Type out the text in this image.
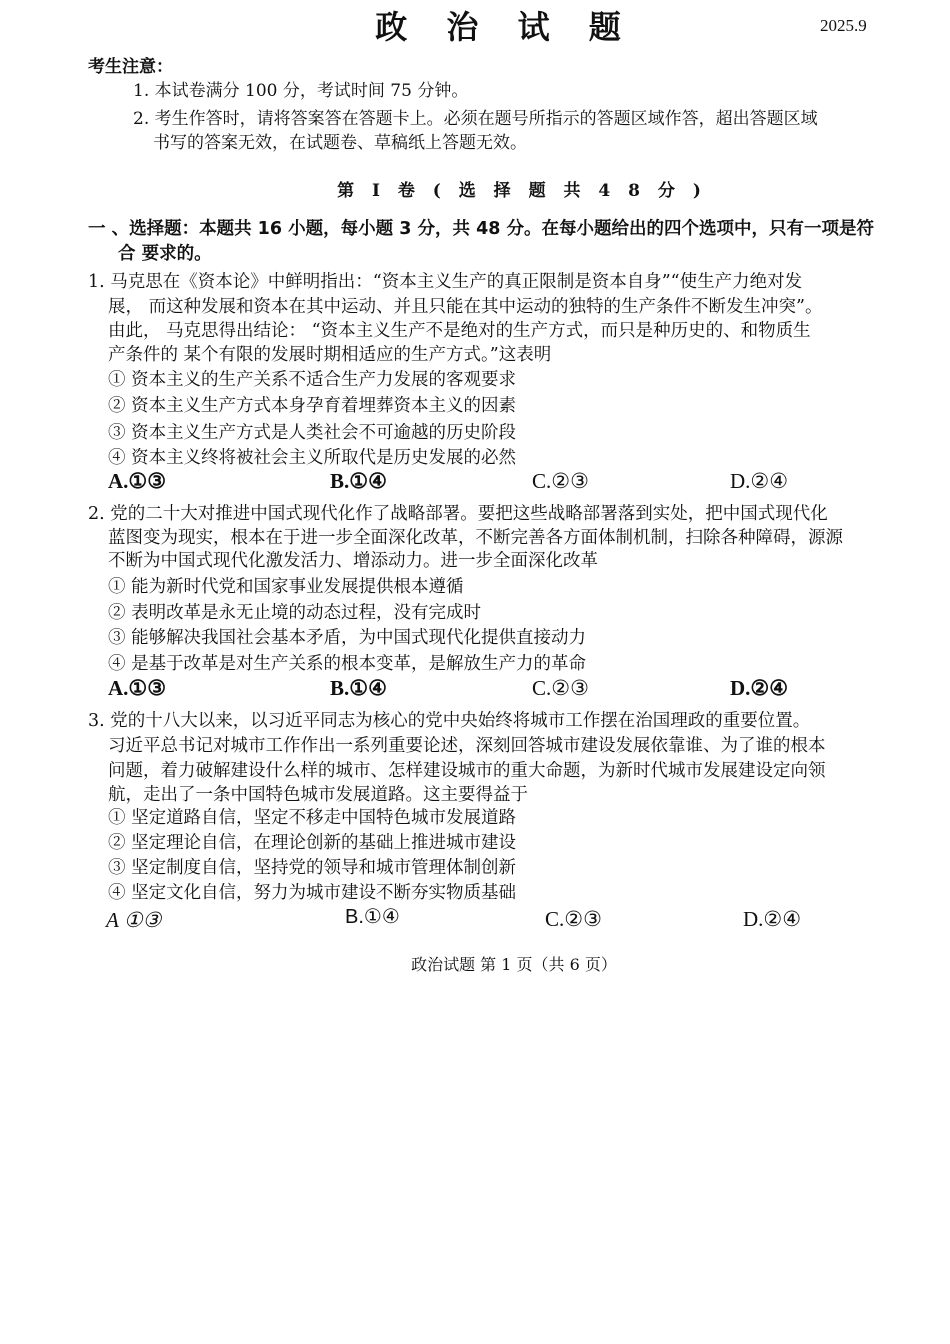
政 治 试 题	2025.9
考生注意：
1. 本试卷满分 100 分，考试时间 75 分钟。
2. 考生作答时，请将答案答在答题卡上。必须在题号所指示的答题区域作答，超出答题区域
书写的答案无效，在试题卷、草稿纸上答题无效。
第 I 卷 ( 选 择 题 共 4 8 分 )
一 、选择题：本题共 16 小题，每小题 3 分，共 48 分。在每小题给出的四个选项中，只有一项是符
合 要求的。
1. 马克思在《资本论》中鲜明指出：“资本主义生产的真正限制是资本自身”“使生产力绝对发
展， 而这种发展和资本在其中运动、并且只能在其中运动的独特的生产条件不断发生冲突”。
由此， 马克思得出结论： “资本主义生产不是绝对的生产方式，而只是种历史的、和物质生
产条件的 某个有限的发展时期相适应的生产方式。”这表明
① 资本主义的生产关系不适合生产力发展的客观要求
② 资本主义生产方式本身孕育着埋葬资本主义的因素
③ 资本主义生产方式是人类社会不可逾越的历史阶段
④ 资本主义终将被社会主义所取代是历史发展的必然
A.①③	B.①④	C.②③	D.②④
2. 党的二十大对推进中国式现代化作了战略部署。要把这些战略部署落到实处，把中国式现代化
蓝图变为现实，根本在于进一步全面深化改革，不断完善各方面体制机制，扫除各种障碍，源源
不断为中国式现代化激发活力、增添动力。进一步全面深化改革
① 能为新时代党和国家事业发展提供根本遵循
② 表明改革是永无止境的动态过程，没有完成时
③ 能够解决我国社会基本矛盾，为中国式现代化提供直接动力
④ 是基于改革是对生产关系的根本变革，是解放生产力的革命
A.①③	B.①④	C.②③	D.②④
3. 党的十八大以来，以习近平同志为核心的党中央始终将城市工作摆在治国理政的重要位置。
习近平总书记对城市工作作出一系列重要论述，深刻回答城市建设发展依靠谁、为了谁的根本
问题，着力破解建设什么样的城市、怎样建设城市的重大命题，为新时代城市发展建设定向领
航，走出了一条中国特色城市发展道路。这主要得益于
① 坚定道路自信，坚定不移走中国特色城市发展道路
② 坚定理论自信，在理论创新的基础上推进城市建设
③ 坚定制度自信，坚持党的领导和城市管理体制创新
④ 坚定文化自信，努力为城市建设不断夯实物质基础
A ①③	B.①④	C.②③	D.②④
政治试题 第 1 页（共 6 页）
